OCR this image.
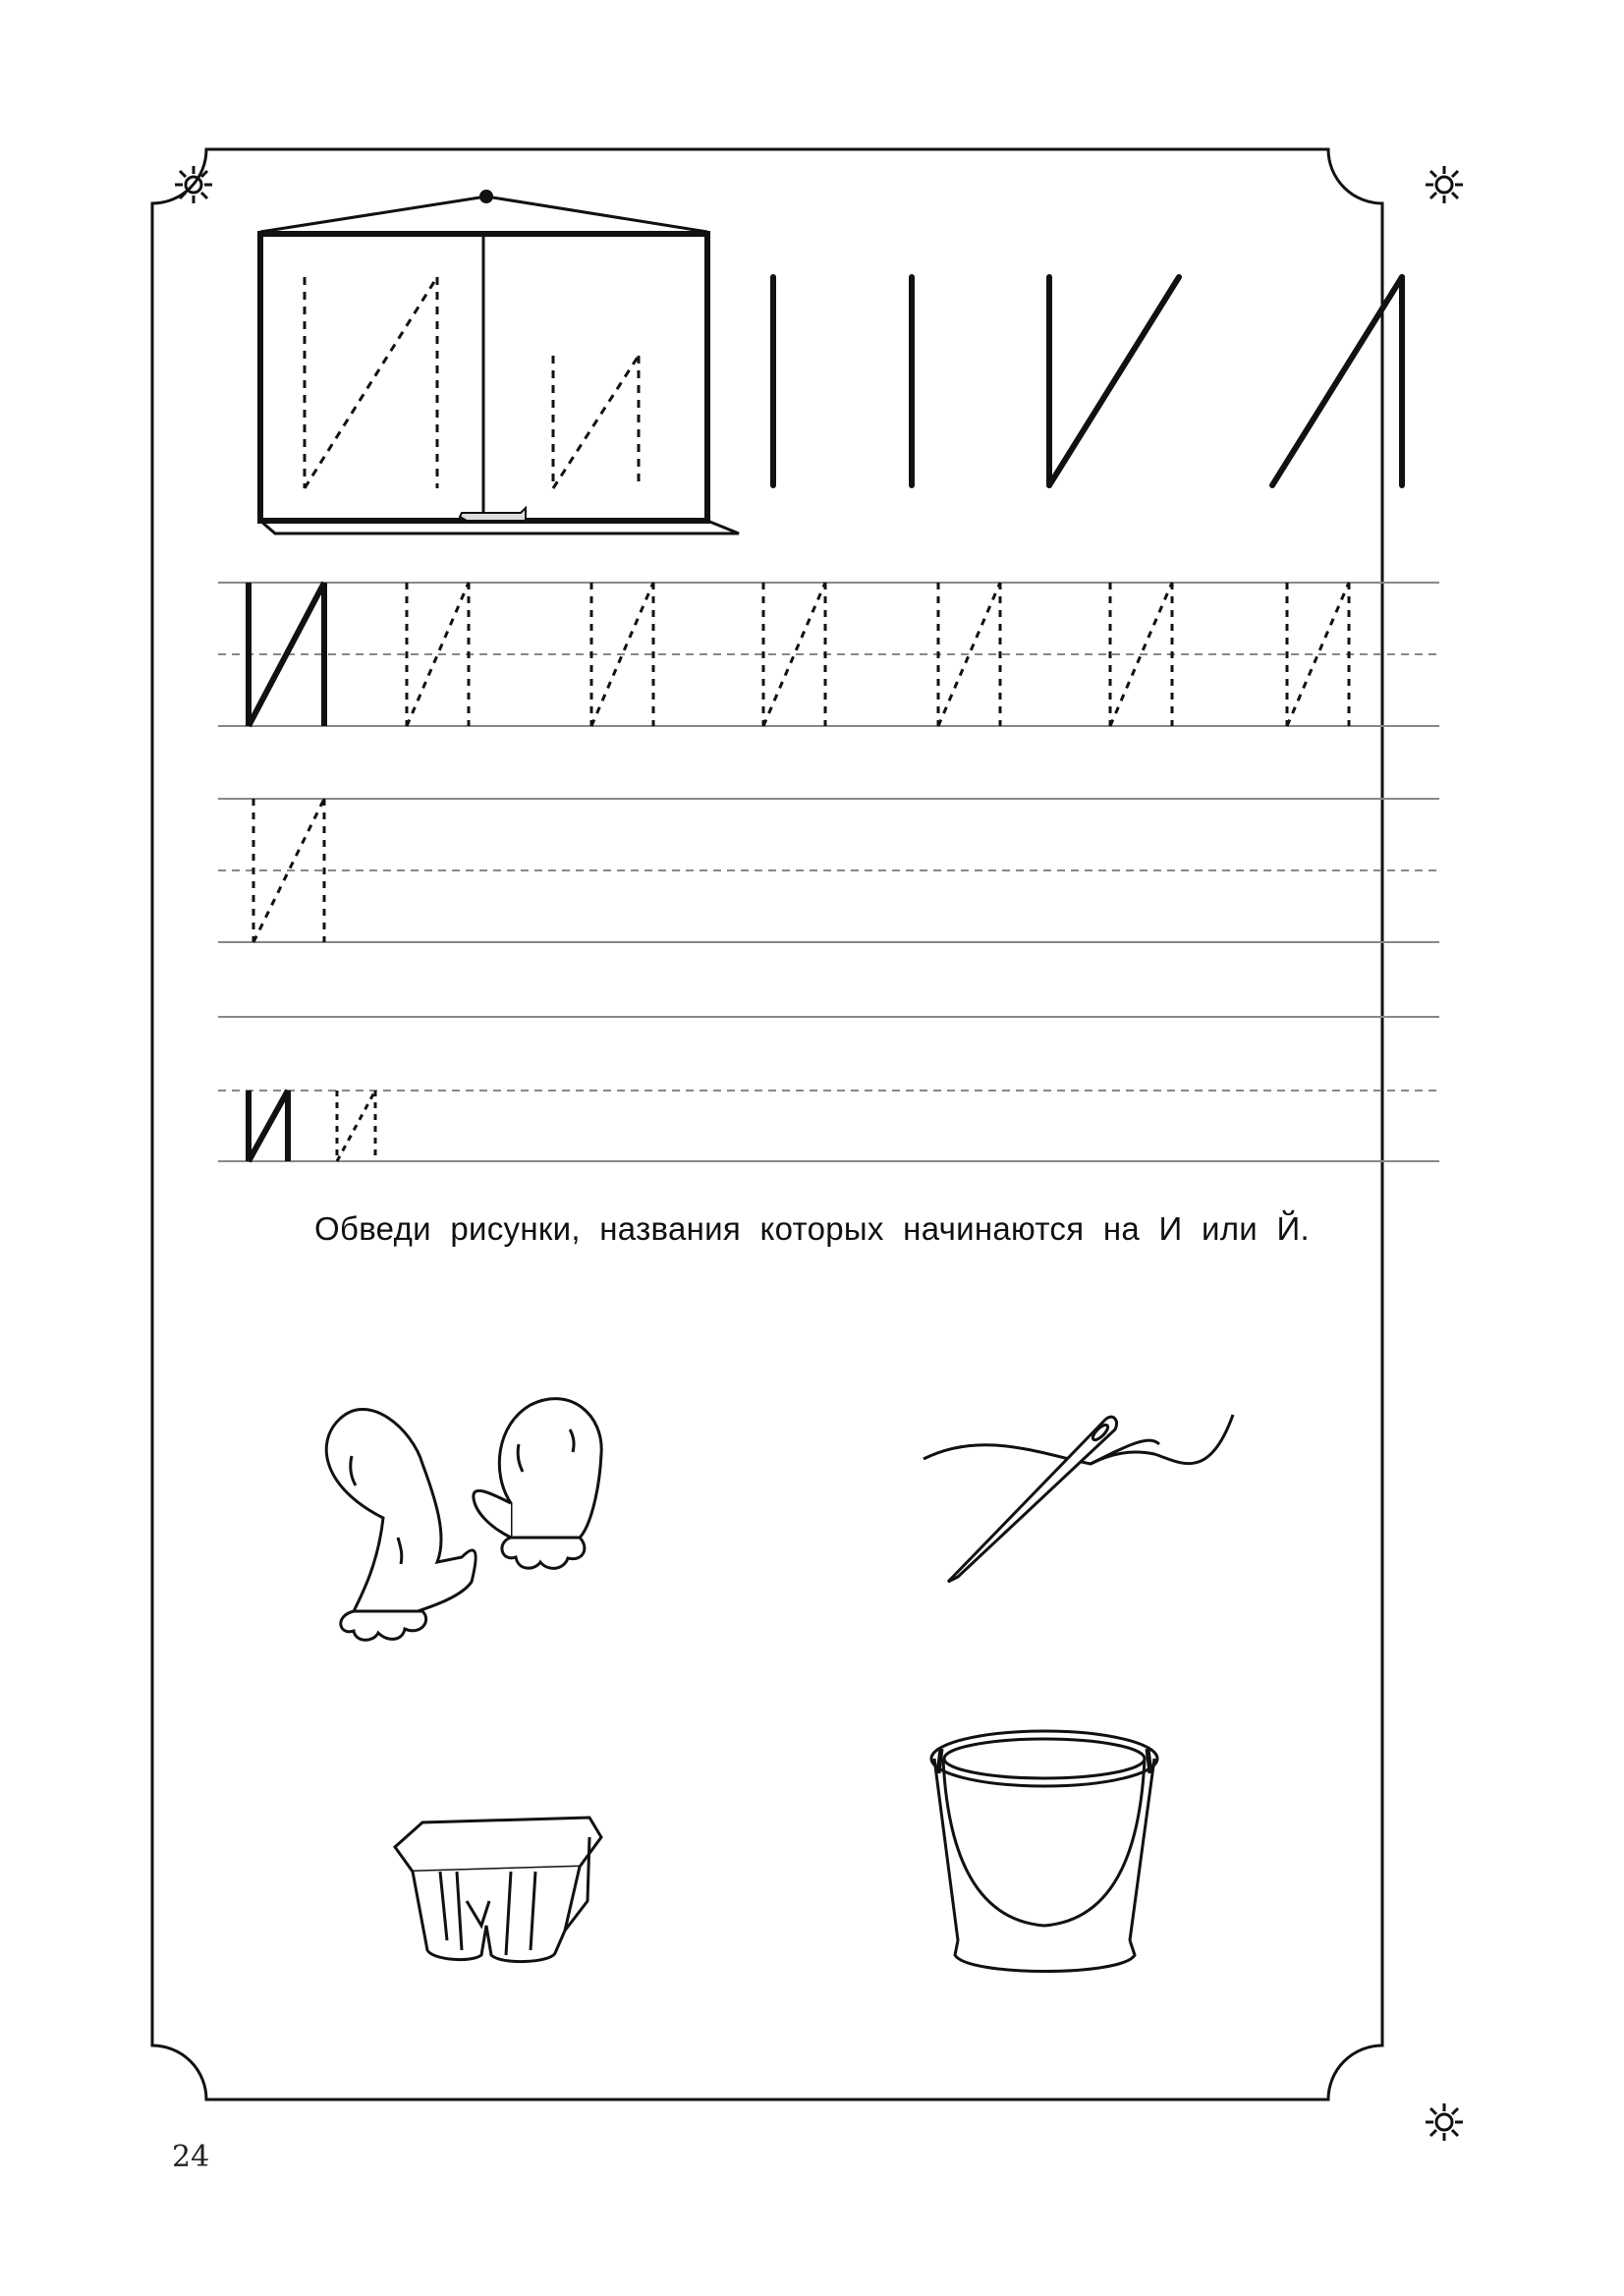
Обведи рисунки, названия которых начинаются на И или Й.
24
